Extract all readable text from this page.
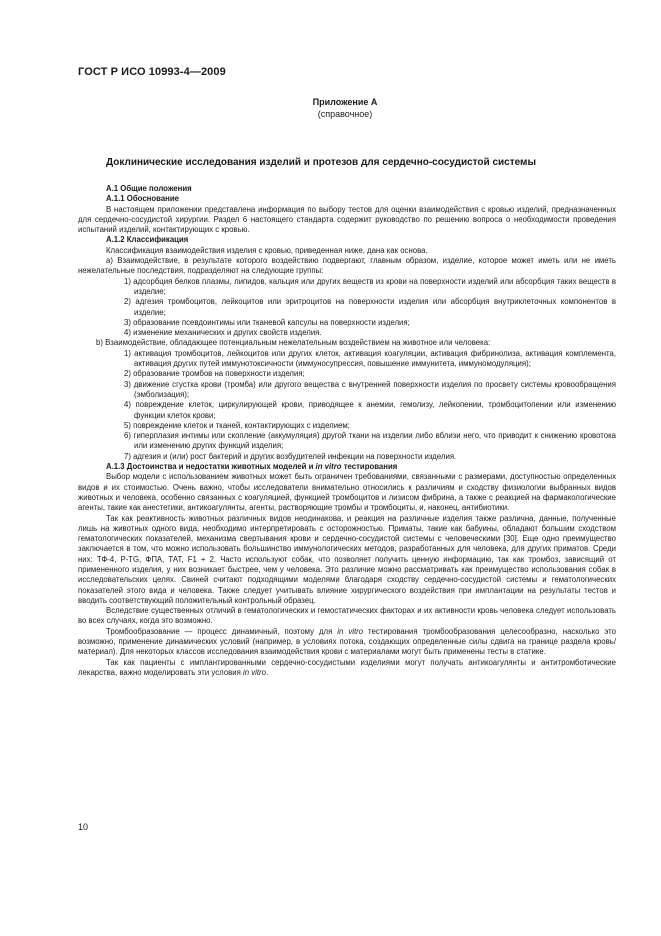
ГОСТ Р ИСО 10993-4—2009
Приложение А
(справочное)
Доклинические исследования изделий и протезов для сердечно-сосудистой системы

А.1 Общие положения

А.1.1 Обоснование

В настоящем приложении представлена информация по выбору тестов для оценки взаимодействия с кровью изделий, предназначенных для сердечно-сосудистой хирургии. Раздел 6 настоящего стандарта содержит руководство по решению вопроса о необходимости проведения испытаний изделий, контактирующих с кровью.

А.1.2 Классификация

Классификация взаимодействия изделия с кровью, приведенная ниже, дана как основа.

а) Взаимодействие, в результате которого воздействию подвергают, главным образом, изделие, которое может иметь или не иметь нежелательные последствия, подразделяют на следующие группы:

1) адсорбция белков плазмы, липидов, кальция или других веществ из крови на поверхности изделий или абсорбция таких веществ в изделие;

2) адгезия тромбоцитов, лейкоцитов или эритроцитов на поверхности изделия или абсорбция внутриклеточных компонентов в изделие;

3) образование псевдоинтимы или тканевой капсулы на поверхности изделия;

4) изменение механических и других свойств изделия.

b) Взаимодействие, обладающее потенциальным нежелательным воздействием на животное или человека:

1) активация тромбоцитов, лейкоцитов или других клеток, активация коагуляции, активация фибринолиза, активация комплемента, активация других путей иммунотоксичности (иммуносупрессия, повышение иммунитета, иммуномодуляция);

2) образование тромбов на поверхности изделия;

3) движение сгустка крови (тромба) или другого вещества с внутренней поверхности изделия по просвету системы кровообращения (эмболизация);

4) повреждение клеток, циркулирующей крови, приводящее к анемии, гемолизу, лейкопении, тромбоцитопении или изменению функции клеток крови;

5) повреждение клеток и тканей, контактирующих с изделием;

6) гиперплазия интимы или скопление (аккумуляция) другой ткани на изделии либо вблизи него, что приводит к снижению кровотока или изменению других функций изделия;

7) адгезия и (или) рост бактерий и других возбудителей инфекции на поверхности изделия.

А.1.3 Достоинства и недостатки животных моделей и in vitro тестирования

Выбор модели с использованием животных может быть ограничен требованиями, связанными с размерами, доступностью определенных видов и их стоимостью. Очень важно, чтобы исследователи внимательно относились к различиям и сходству физиологии выбранных видов животных и человека, особенно связанных с коагуляцией, функцией тромбоцитов и лизисом фибрина, а также с реакцией на фармакологические агенты, такие как анестетики, антикоагулянты, агенты, растворяющие тромбы и тромбоциты, и, наконец, антибиотики.

Так как реактивность животных различных видов неодинакова, и реакция на различные изделия также различна, данные, полученные лишь на животных одного вида, необходимо интерпретировать с осторожностью. Приматы, такие как бабуины, обладают большим сходством гематологических показателей, механизма свертывания крови и сердечно-сосудистой системы с человеческими [30]. Еще одно преимущество заключается в том, что можно использовать большинство иммунологических методов, разработанных для человека, для других приматов. Среди них: ТФ-4, Р-TG, ФПА, ТАТ, F1 + 2. Часто используют собак, что позволяет получить ценную информацию, так как тромбоз, зависящий от примененного изделия, у них возникает быстрее, чем у человека. Это различие можно рассматривать как преимущество использования собак в исследовательских целях. Свиней считают подходящими моделями благодаря сходству сердечно-сосудистой системы и гематологических показателей этого вида и человека. Также следует учитывать влияние хирургического воздействия при имплантации на результаты тестов и вводить соответствующий положительный контрольный образец.

Вследствие существенных отличий в гематологических и гемостатических факторах и их активности кровь человека следует использовать во всех случаях, когда это возможно.

Тромбообразование — процесс динамичный, поэтому для in vitro тестирования тромбообразования целесообразно, насколько это возможно, применение динамических условий (например, в условиях потока, создающих определенные силы сдвига на границе раздела кровь/материал). Для некоторых классов исследования взаимодействия крови с материалами могут быть применены тесты в статике.

Так как пациенты с имплантированными сердечно-сосудистыми изделиями могут получать антикоагулянты и антитромботические лекарства, важно моделировать эти условия in vitro.

10
